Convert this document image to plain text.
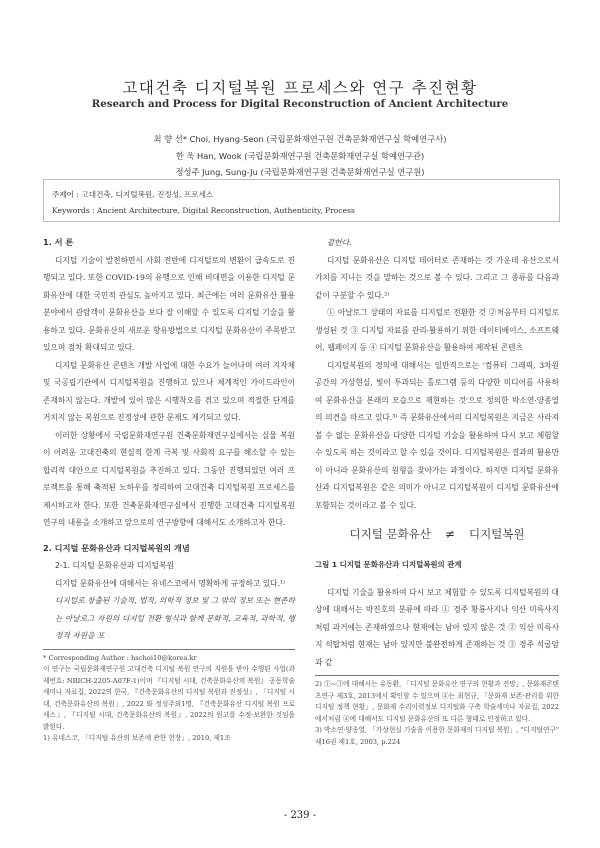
고대건축 디지털복원 프로세스와 연구 추진현황
Research and Process for Digital Reconstruction of Ancient Architecture
최 향 선* Choi, Hyang-Seon (국립문화재연구원 건축문화재연구실 학예연구사)
한 욱 Han, Wook (국립문화재연구원 건축문화재연구실 학예연구관)
정성주 Jung, Sung-Ju (국립문화재연구원 건축문화재연구실 연구원)
주제어 : 고대건축, 디지털복원, 진정성, 프로세스
Keywords : Ancient Architecture, Digital Reconstruction, Authenticity, Process
1. 서 론

디지털 기술이 발전하면서 사회 전반에 디지털로의 변환이 급속도로 진행되고 있다. 또한 COVID-19의 유행으로 인해 비대면을 이용한 디지털 문화유산에 대한 국민적 관심도 높아지고 있다. 최근에는 여러 문화유산 활용분야에서 관람객이 문화유산을 보다 잘 이해할 수 있도록 디지털 기술을 활용하고 있다. 문화유산의 새로운 향유방법으로 디지털 문화유산이 주목받고 있으며 점차 확대되고 있다.

디지털 문화유산 콘텐츠 개발 사업에 대한 수요가 늘어나며 여러 지자체 및 국공립기관에서 디지털복원을 진행하고 있으나 체계적인 가이드라인이 존재하지 않는다. 개발에 있어 많은 시행착오를 겪고 있으며 적절한 단계를 거치지 않는 복원으로 진정성에 관한 문제도 제기되고 있다.

이러한 상황에서 국립문화재연구원 건축문화재연구실에서는 실물 복원이 어려운 고대건축의 현실적 한계 극복 및 사회적 요구를 해소할 수 있는 합리적 대안으로 디지털복원을 추진하고 있다. 그동안 진행되었던 여러 프로젝트를 통해 축적된 노하우를 정리하여 고대건축 디지털복원 프로세스를 제시하고자 한다. 또한 건축문화재연구실에서 진행한 고대건축 디지털복원 연구의 내용을 소개하고 앞으로의 연구방향에 대해서도 소개하고자 한다.

2. 디지털 문화유산과 디지털복원의 개념
2-1. 디지털 문화유산과 디지털복원

디지털 문화유산에 대해서는 유네스코에서 명확하게 규정하고 있다.¹⁾

디지털로 창출된 기술적, 법적, 의학적 정보 및 그 밖의 정보 또는 현존하는 아날로그 자원의 디지털 전환 형식과 함께 문화적, 교육적, 과학적, 행정적 자원을 포
* Corresponding Author : hschoi10@korea.kr
이 연구는 국립문화재연구원 고대건축 디지털 복원 연구의 지원을 받아 수행된 사업(과제번호: NRICH-2205-A07F-1)이며 『디지털 시대, 건축문화유산의 복원』 공동학술세미나 자료집, 2022의 한국, 『건축문화유산의 디지털 복원과 진정성』, 「디지털 시대, 건축문화유산의 복원」, 2022 와 정성주외1명, 『건축문화유산 디지털 복원 프로세스』, 『디지털 시대, 건축문화유산의 복원』, 2022의 원고를 수정·보완한 것임을 밝힌다.
1) 유네스코, 「디지털 유산의 보존에 관한 헌장」, 2010, 제1조
괄한다.

디지털 문화유산은 디지털 데이터로 존재하는 것 가운데 유산으로서 가치를 지니는 것을 말하는 것으로 볼 수 있다. 그리고 그 종류를 다음과 같이 구분할 수 있다.²⁾

① 아날로그 상태의 자료를 디지털로 전환한 것 ②처음부터 디지털로 생성된 것 ③ 디지털 자료를 관리·활용하기 위한 데이터베이스, 소프트웨어, 웹페이지 등 ④ 디지털 문화유산을 활용하여 제작된 콘텐츠

디지털복원의 경의에 대해서는 일반적으로는 '컴퓨터 그래픽, 3차원 공간의 가상현실, 빛이 투과되는 홀로그램 등의 다양한 미디어를 사용하여 문화유산을 본래의 모습으로 재현하는 것'으로 정의한 박소연·양종열의 의견을 따르고 있다.³⁾ 즉 문화유산에서의 디지털복원은 지금은 사라져 볼 수 없는 문화유산을 다양한 디지털 기술을 활용하여 다시 보고 체험할 수 있도록 하는 것이라고 할 수 있을 것이다. 디지털복원은 결과의 활용만이 아니라 문화유산의 원형을 찾아가는 과정이다. 하지만 디지털 문화유산과 디지털복원은 같은 의미가 아니고 디지털복원이 디지털 문화유산에 포함되는 것이라고 볼 수 있다.

디지털 문화유산 ≠ 디지털복원
그림 1 디지털 문화유산과 디지털복원의 관계

디지털 기술을 활용하여 다시 보고 체험할 수 있도록 디지털복원의 대상에 대해서는 박진호의 분류에 따라 ① 경주 황룡사지나 익산 미륵사지처럼 과거에는 존재하였으나 현재에는 남아 있지 않은 것 ② 익산 미륵사지 석탑처럼 현재는 남아 있지만 불완전하게 존재하는 것 ③ 경주 석굴암과 같

2) ①~③에 대해서는 유동환, 「디지털 문화유산 연구의 현황과 전망」, 문화재콘텐츠연구 제3호, 2013에서 확인할 수 있으며 ④는 최현규, 「문화재 보존·관리를 위한 디지털 정책 현황」, 문화재 수리이력정보 디지털화 구축 학술세미나 자료집, 2022에서처럼 ④에 대해서도 디지털 문화유산의 또 다른 형태로 인정하고 있다.
3) 박소연·양종열, 「가상현실 기술을 이용한 문화재의 디지털 복원」, "디지털연구" 제16권 제1호, 2003, p.224
- 239 -
